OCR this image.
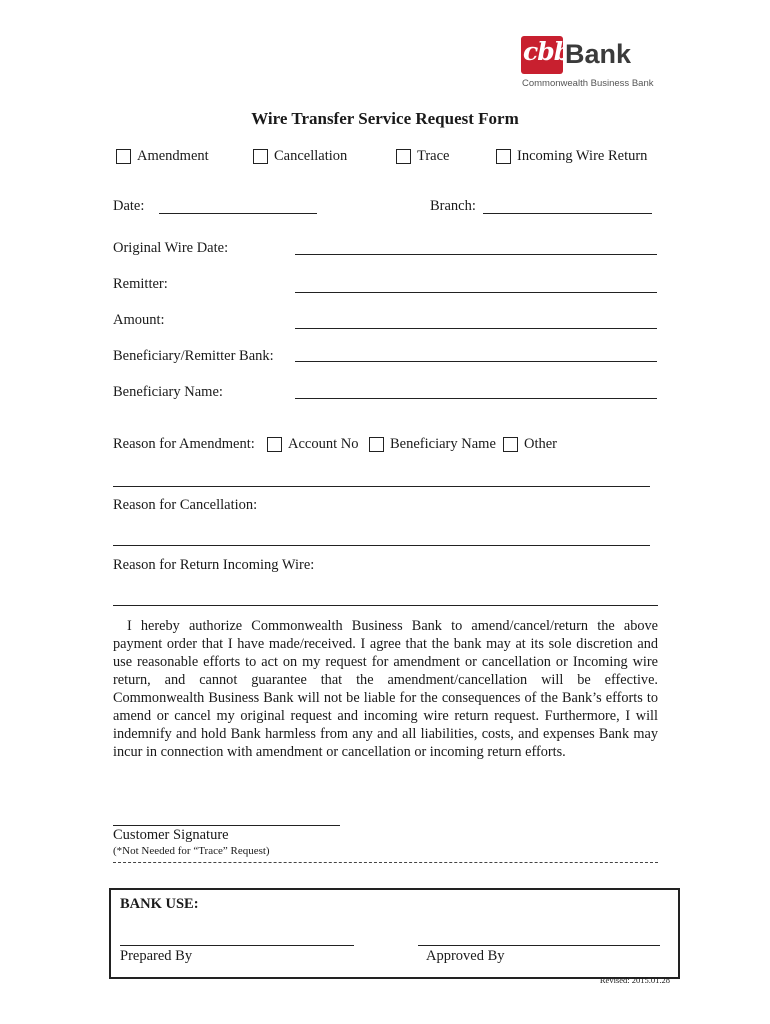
cbb
Bank
Commonwealth Business Bank
Wire Transfer Service Request Form
Amendment	Cancellation	Trace	Incoming Wire Return
Date:	Branch:
Original Wire Date:
Remitter:
Amount:
Beneficiary/Remitter Bank:
Beneficiary Name:
Reason for Amendment: Account No Beneficiary Name Other
Reason for Cancellation:
Reason for Return Incoming Wire:
I hereby authorize Commonwealth Business Bank to amend/cancel/return the above payment order that I have made/received. I agree that the bank may at its sole discretion and use reasonable efforts to act on my request for amendment or cancellation or Incoming wire return, and cannot guarantee that the amendment/cancellation will be effective. Commonwealth Business Bank will not be liable for the consequences of the Bank’s efforts to amend or cancel my original request and incoming wire return request. Furthermore, I will indemnify and hold Bank harmless from any and all liabilities, costs, and expenses Bank may incur in connection with amendment or cancellation or incoming return efforts.
Customer Signature
(*Not Needed for “Trace” Request)
BANK USE:
Prepared By	Approved By
Revised: 2015.01.28
